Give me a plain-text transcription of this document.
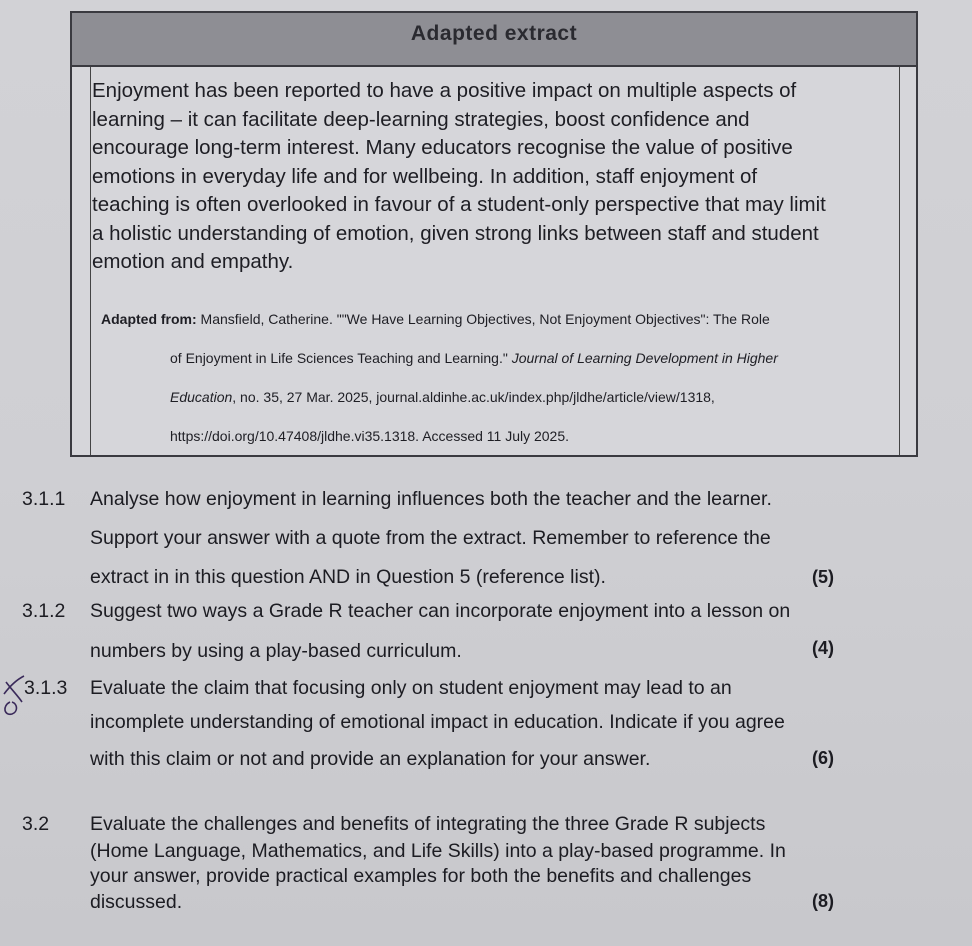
Adapted extract

Enjoyment has been reported to have a positive impact on multiple aspects of

learning – it can facilitate deep-learning strategies, boost confidence and

encourage long-term interest. Many educators recognise the value of positive

emotions in everyday life and for wellbeing. In addition, staff enjoyment of

teaching is often overlooked in favour of a student-only perspective that may limit

a holistic understanding of emotion, given strong links between staff and student

emotion and empathy.

Adapted from: Mansfield, Catherine. ""We Have Learning Objectives, Not Enjoyment Objectives": The Role
of Enjoyment in Life Sciences Teaching and Learning." Journal of Learning Development in Higher
Education, no. 35, 27 Mar. 2025, journal.aldinhe.ac.uk/index.php/jldhe/article/view/1318,
https://doi.org/10.47408/jldhe.vi35.1318. Accessed 11 July 2025.
3.1.1 Analyse how enjoyment in learning influences both the teacher and the learner.
Support your answer with a quote from the extract. Remember to reference the
extract in in this question AND in Question 5 (reference list).	(5)
3.1.2 Suggest two ways a Grade R teacher can incorporate enjoyment into a lesson on
numbers by using a play-based curriculum.	(4)
3.1.3 Evaluate the claim that focusing only on student enjoyment may lead to an
incomplete understanding of emotional impact in education. Indicate if you agree
with this claim or not and provide an explanation for your answer.	(6)
3.2 Evaluate the challenges and benefits of integrating the three Grade R subjects
(Home Language, Mathematics, and Life Skills) into a play-based programme. In
your answer, provide practical examples for both the benefits and challenges
discussed.	(8)
